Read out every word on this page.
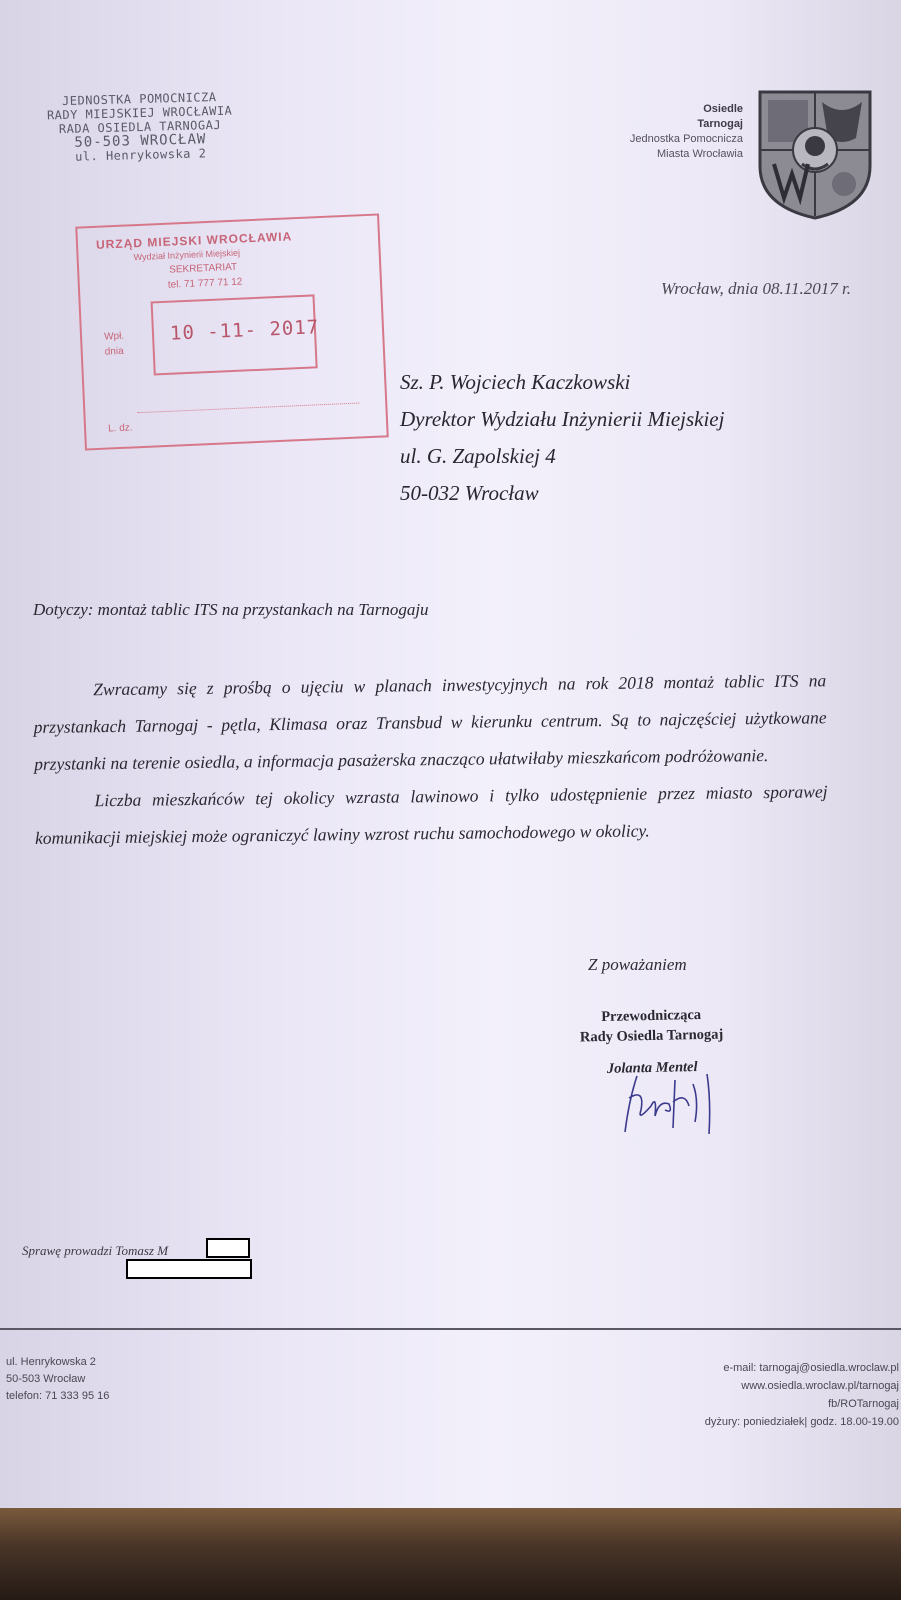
JEDNOSTKA POMOCNICZA
RADY MIEJSKIEJ WROCŁAWIA
RADA OSIEDLA TARNOGAJ
50-503 WROCŁAW
ul. Henrykowska 2
Osiedle
Tarnogaj
Jednostka Pomocnicza
Miasta Wrocławia
URZĄD MIEJSKI WROCŁAWIA
Wydział Inżynierii Miejskiej
SEKRETARIAT
tel. 71 777 71 12
Wpł.
dnia
10 -11- 2017
L. dz.
Wrocław, dnia 08.11.2017 r.
Sz. P. Wojciech Kaczkowski
Dyrektor Wydziału Inżynierii Miejskiej
ul. G. Zapolskiej 4
50-032 Wrocław
Dotyczy: montaż tablic ITS na przystankach na Tarnogaju

Zwracamy się z prośbą o ujęciu w planach inwestycyjnych na rok 2018 montaż tablic ITS na przystankach Tarnogaj - pętla, Klimasa oraz Transbud w kierunku centrum. Są to najczęściej użytkowane przystanki na terenie osiedla, a informacja pasażerska znacząco ułatwiłaby mieszkańcom podróżowanie.

Liczba mieszkańców tej okolicy wzrasta lawinowo i tylko udostępnienie przez miasto sporawej komunikacji miejskiej może ograniczyć lawiny wzrost ruchu samochodowego w okolicy.

Z poważaniem
Przewodnicząca
Rady Osiedla Tarnogaj
Jolanta Mentel
Sprawę prowadzi Tomasz M
ul. Henrykowska 2
50-503 Wrocław
telefon: 71 333 95 16
e-mail: tarnogaj@osiedla.wroclaw.pl
www.osiedla.wroclaw.pl/tarnogaj
fb/ROTarnogaj
dyżury: poniedziałek| godz. 18.00-19.00
